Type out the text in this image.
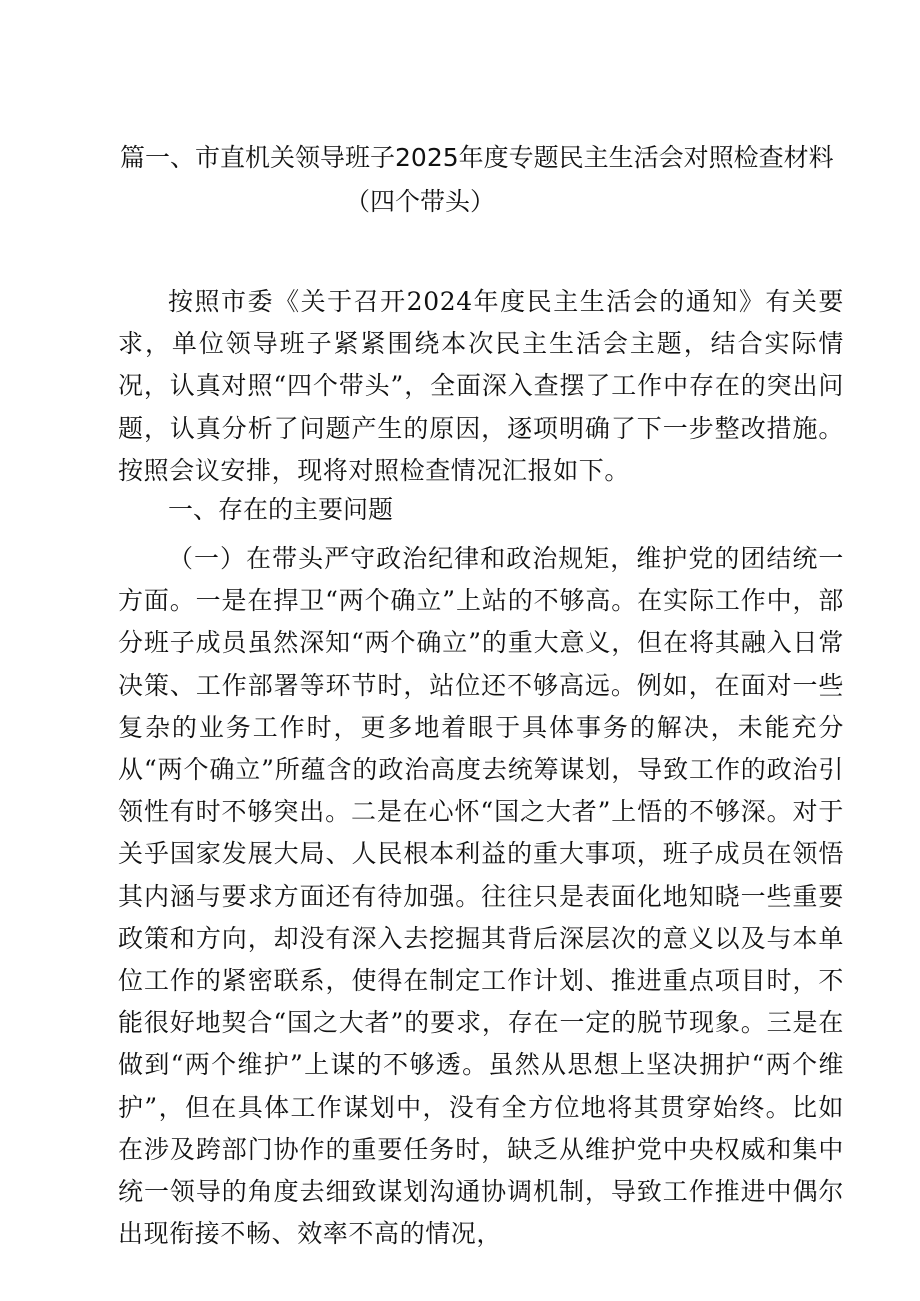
篇一、市直机关领导班子2025年度专题民主生活会对照检查材料
（四个带头）

按照市委《关于召开2024年度民主生活会的通知》有关要求，单位领导班子紧紧围绕本次民主生活会主题，结合实际情况，认真对照“四个带头”，全面深入查摆了工作中存在的突出问题，认真分析了问题产生的原因，逐项明确了下一步整改措施。按照会议安排，现将对照检查情况汇报如下。

一、存在的主要问题

（一）在带头严守政治纪律和政治规矩，维护党的团结统一方面。一是在捍卫“两个确立”上站的不够高。在实际工作中，部分班子成员虽然深知“两个确立”的重大意义，但在将其融入日常决策、工作部署等环节时，站位还不够高远。例如，在面对一些复杂的业务工作时，更多地着眼于具体事务的解决，未能充分从“两个确立”所蕴含的政治高度去统筹谋划，导致工作的政治引领性有时不够突出。二是在心怀“国之大者”上悟的不够深。对于关乎国家发展大局、人民根本利益的重大事项，班子成员在领悟其内涵与要求方面还有待加强。往往只是表面化地知晓一些重要政策和方向，却没有深入去挖掘其背后深层次的意义以及与本单位工作的紧密联系，使得在制定工作计划、推进重点项目时，不能很好地契合“国之大者”的要求，存在一定的脱节现象。三是在做到“两个维护”上谋的不够透。虽然从思想上坚决拥护“两个维护”，但在具体工作谋划中，没有全方位地将其贯穿始终。比如在涉及跨部门协作的重要任务时，缺乏从维护党中央权威和集中统一领导的角度去细致谋划沟通协调机制，导致工作推进中偶尔出现衔接不畅、效率不高的情况，
